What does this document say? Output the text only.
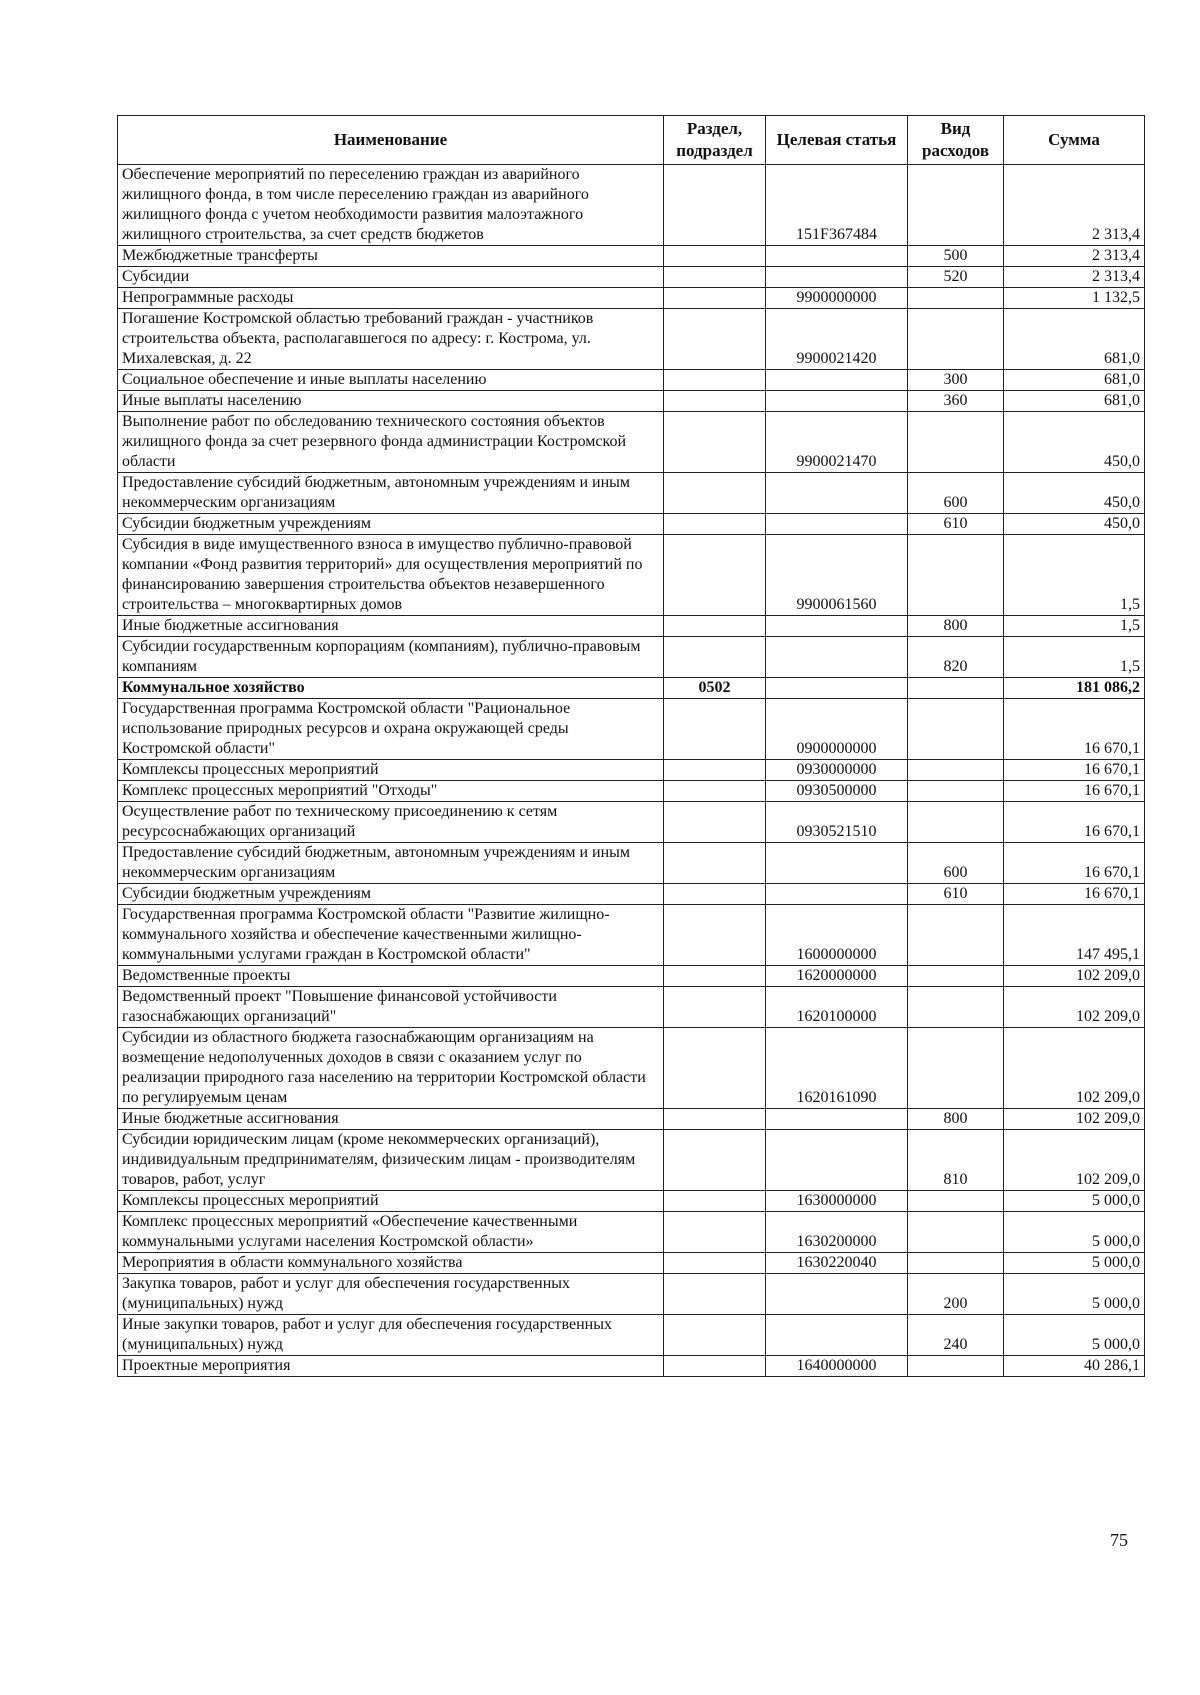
Наименование	Раздел, подраздел	Целевая статья	Вид расходов	Сумма
Обеспечение мероприятий по переселению граждан из аварийного жилищного фонда, в том числе переселению граждан из аварийного жилищного фонда с учетом необходимости развития малоэтажного жилищного строительства, за счет средств бюджетов		151F367484		2 313,4
Межбюджетные трансферты			500	2 313,4
Субсидии			520	2 313,4
Непрограммные расходы		9900000000		1 132,5
Погашение Костромской областью требований граждан - участников строительства объекта, располагавшегося по адресу: г. Кострома, ул. Михалевская, д. 22		9900021420		681,0
Социальное обеспечение и иные выплаты населению			300	681,0
Иные выплаты населению			360	681,0
Выполнение работ по обследованию технического состояния объектов жилищного фонда за счет резервного фонда администрации Костромской области		9900021470		450,0
Предоставление субсидий бюджетным, автономным учреждениям и иным некоммерческим организациям			600	450,0
Субсидии бюджетным учреждениям			610	450,0
Субсидия в виде имущественного взноса в имущество публично-правовой компании «Фонд развития территорий» для осуществления мероприятий по финансированию завершения строительства объектов незавершенного строительства – многоквартирных домов		9900061560		1,5
Иные бюджетные ассигнования			800	1,5
Субсидии государственным корпорациям (компаниям), публично-правовым компаниям			820	1,5
Коммунальное хозяйство	0502			181 086,2
Государственная программа Костромской области "Рациональное использование природных ресурсов и охрана окружающей среды Костромской области"		0900000000		16 670,1
Комплексы процессных мероприятий		0930000000		16 670,1
Комплекс процессных мероприятий "Отходы"		0930500000		16 670,1
Осуществление работ по техническому присоединению к сетям ресурсоснабжающих организаций		0930521510		16 670,1
Предоставление субсидий бюджетным, автономным учреждениям и иным некоммерческим организациям			600	16 670,1
Субсидии бюджетным учреждениям			610	16 670,1
Государственная программа Костромской области "Развитие жилищно-коммунального хозяйства и обеспечение качественными жилищно-коммунальными услугами граждан в Костромской области"		1600000000		147 495,1
Ведомственные проекты		1620000000		102 209,0
Ведомственный проект "Повышение финансовой устойчивости газоснабжающих организаций"		1620100000		102 209,0
Субсидии из областного бюджета газоснабжающим организациям на возмещение недополученных доходов в связи с оказанием услуг по реализации природного газа населению на территории Костромской области по регулируемым ценам		1620161090		102 209,0
Иные бюджетные ассигнования			800	102 209,0
Субсидии юридическим лицам (кроме некоммерческих организаций), индивидуальным предпринимателям, физическим лицам - производителям товаров, работ, услуг			810	102 209,0
Комплексы процессных мероприятий		1630000000		5 000,0
Комплекс процессных мероприятий «Обеспечение качественными коммунальными услугами населения Костромской области»		1630200000		5 000,0
Мероприятия в области коммунального хозяйства		1630220040		5 000,0
Закупка товаров, работ и услуг для обеспечения государственных (муниципальных) нужд			200	5 000,0
Иные закупки товаров, работ и услуг для обеспечения государственных (муниципальных) нужд			240	5 000,0
Проектные мероприятия		1640000000		40 286,1
75
